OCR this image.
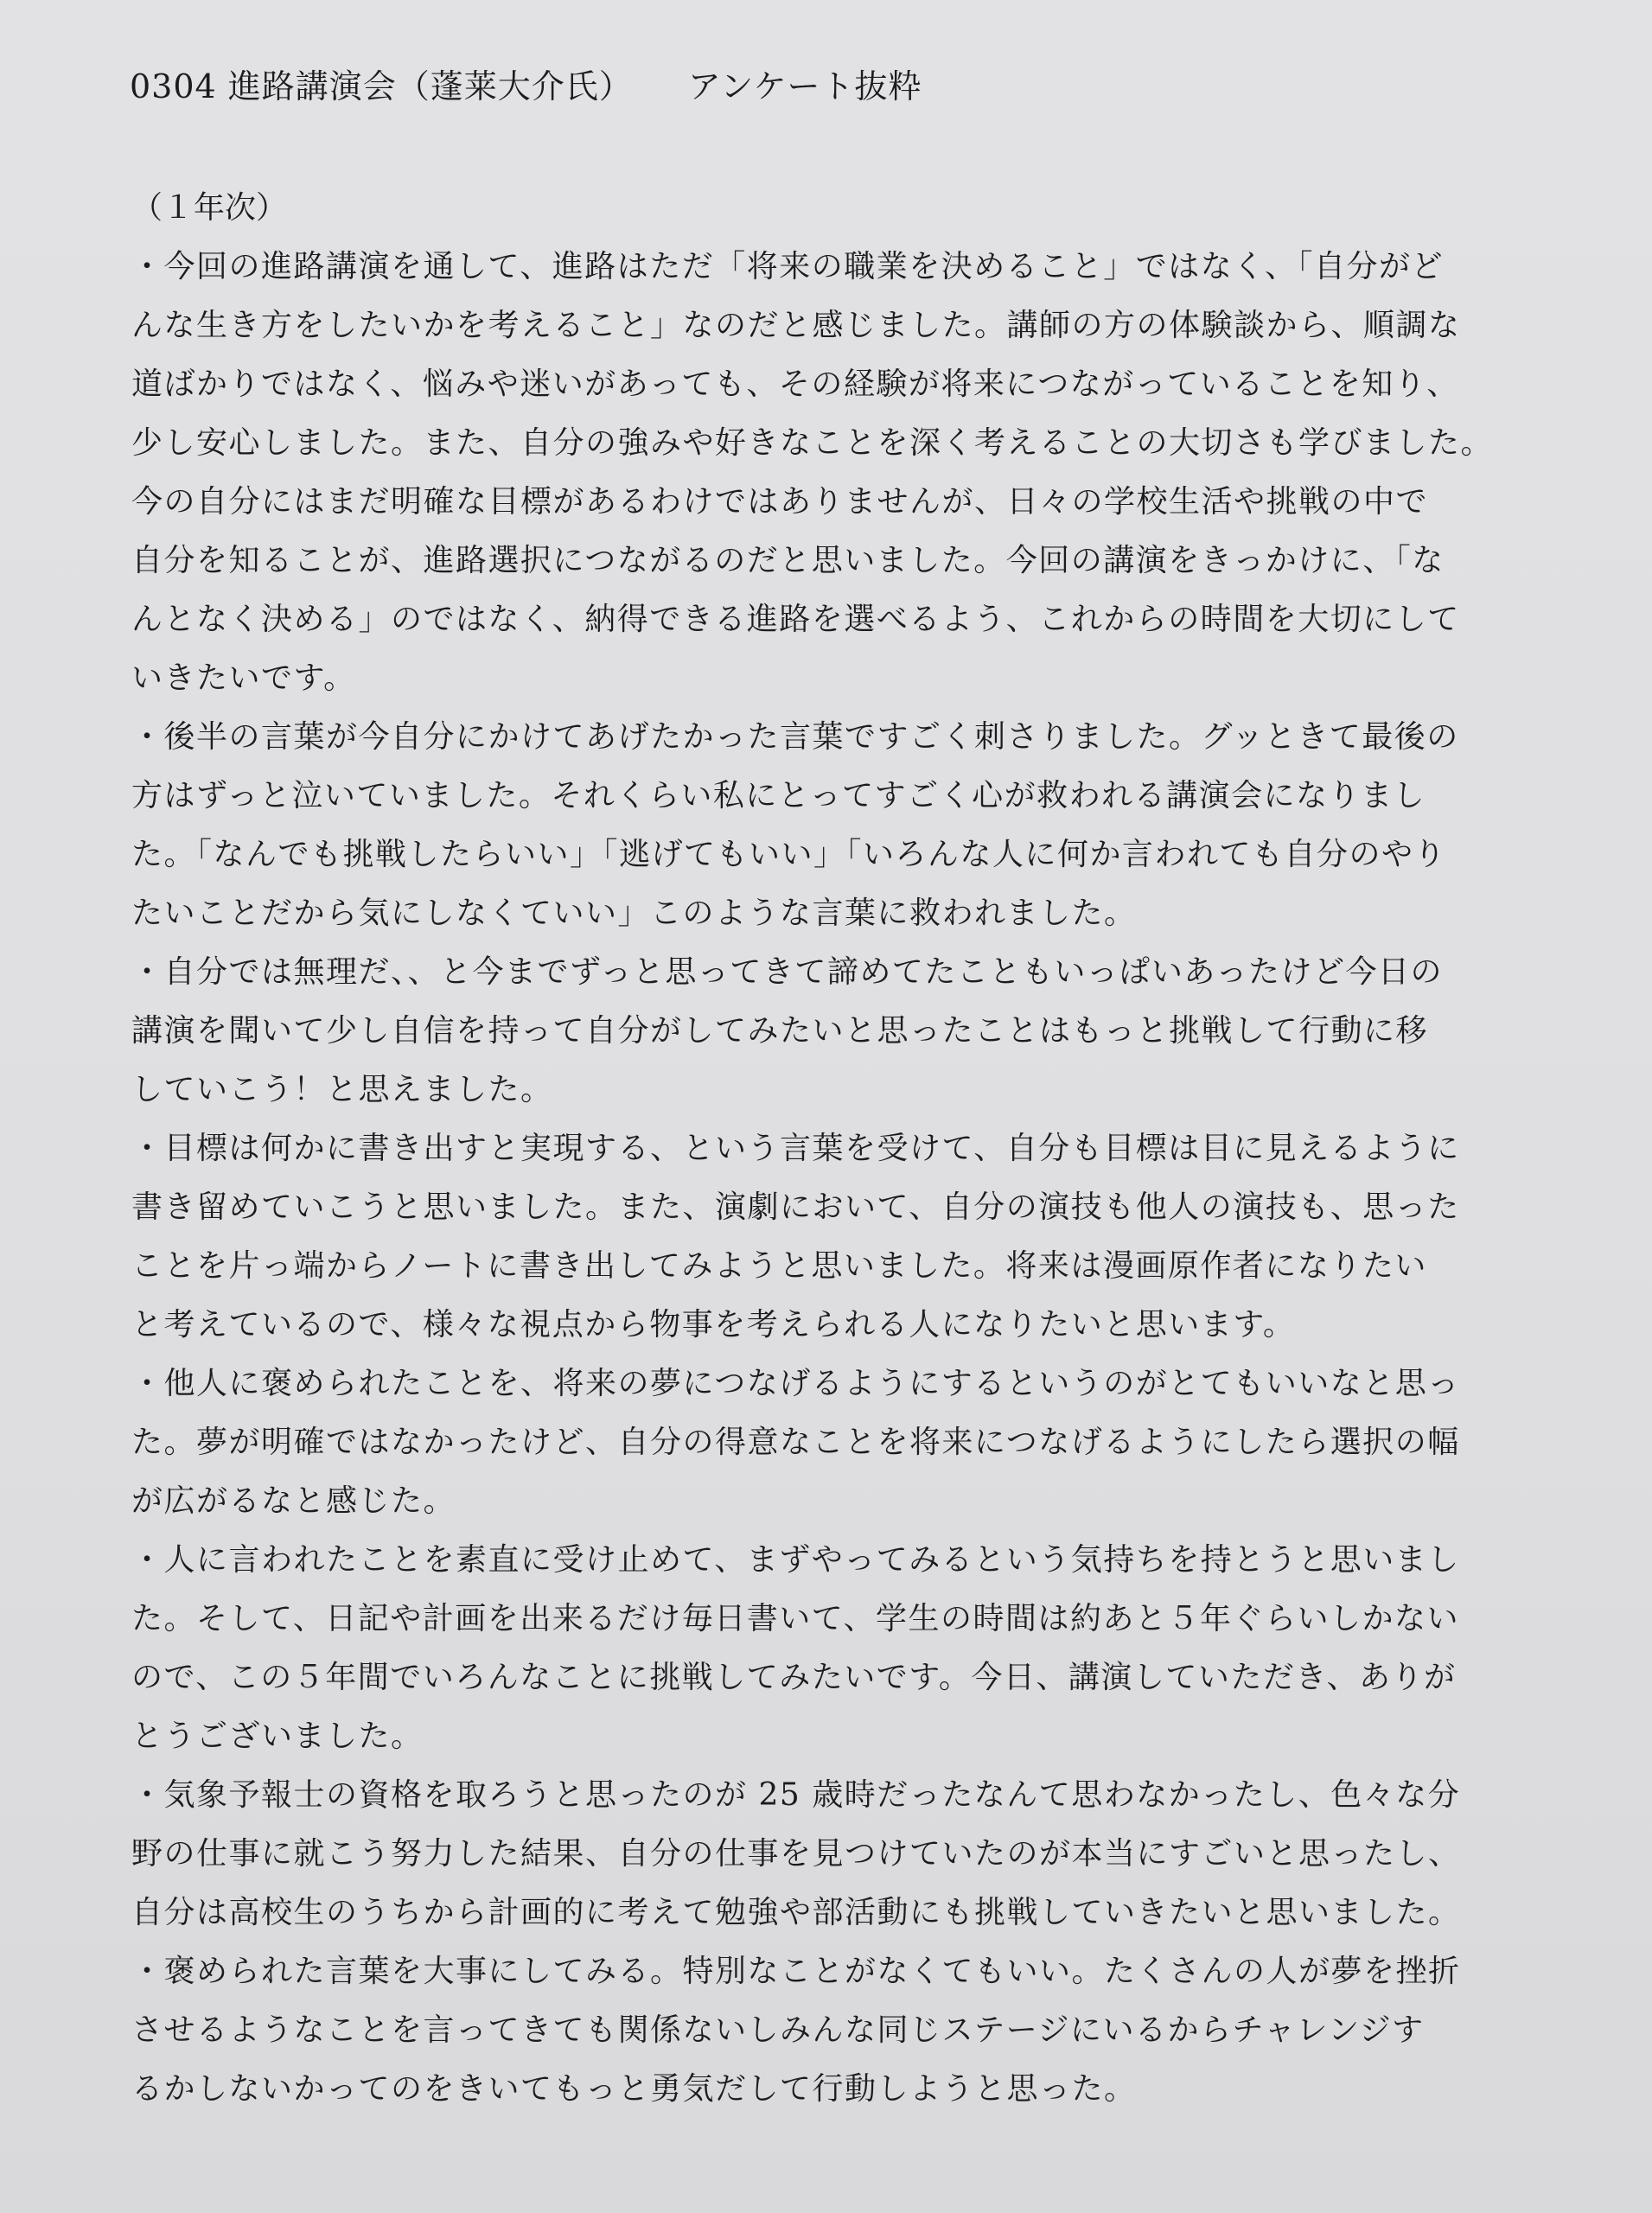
0304 進路講演会（蓬莱大介氏） アンケート抜粋

（１年次）

・今回の進路講演を通して、進路はただ「将来の職業を決めること」ではなく、「自分がど
んな生き方をしたいかを考えること」なのだと感じました。講師の方の体験談から、順調な
道ばかりではなく、悩みや迷いがあっても、その経験が将来につながっていることを知り、
少し安心しました。また、自分の強みや好きなことを深く考えることの大切さも学びました。
今の自分にはまだ明確な目標があるわけではありませんが、日々の学校生活や挑戦の中で
自分を知ることが、進路選択につながるのだと思いました。今回の講演をきっかけに、「な
んとなく決める」のではなく、納得できる進路を選べるよう、これからの時間を大切にして
いきたいです。

・後半の言葉が今自分にかけてあげたかった言葉ですごく刺さりました。グッときて最後の
方はずっと泣いていました。それくらい私にとってすごく心が救われる講演会になりまし
た。「なんでも挑戦したらいい」「逃げてもいい」「いろんな人に何か言われても自分のやり
たいことだから気にしなくていい」このような言葉に救われました。

・自分では無理だ、、と今までずっと思ってきて諦めてたこともいっぱいあったけど今日の
講演を聞いて少し自信を持って自分がしてみたいと思ったことはもっと挑戦して行動に移
していこう！と思えました。

・目標は何かに書き出すと実現する、という言葉を受けて、自分も目標は目に見えるように
書き留めていこうと思いました。また、演劇において、自分の演技も他人の演技も、思った
ことを片っ端からノートに書き出してみようと思いました。将来は漫画原作者になりたい
と考えているので、様々な視点から物事を考えられる人になりたいと思います。

・他人に褒められたことを、将来の夢につなげるようにするというのがとてもいいなと思っ
た。夢が明確ではなかったけど、自分の得意なことを将来につなげるようにしたら選択の幅
が広がるなと感じた。

・人に言われたことを素直に受け止めて、まずやってみるという気持ちを持とうと思いまし
た。そして、日記や計画を出来るだけ毎日書いて、学生の時間は約あと５年ぐらいしかない
ので、この５年間でいろんなことに挑戦してみたいです。今日、講演していただき、ありが
とうございました。

・気象予報士の資格を取ろうと思ったのが 25 歳時だったなんて思わなかったし、色々な分
野の仕事に就こう努力した結果、自分の仕事を見つけていたのが本当にすごいと思ったし、
自分は高校生のうちから計画的に考えて勉強や部活動にも挑戦していきたいと思いました。

・褒められた言葉を大事にしてみる。特別なことがなくてもいい。たくさんの人が夢を挫折
させるようなことを言ってきても関係ないしみんな同じステージにいるからチャレンジす
るかしないかってのをきいてもっと勇気だして行動しようと思った。
